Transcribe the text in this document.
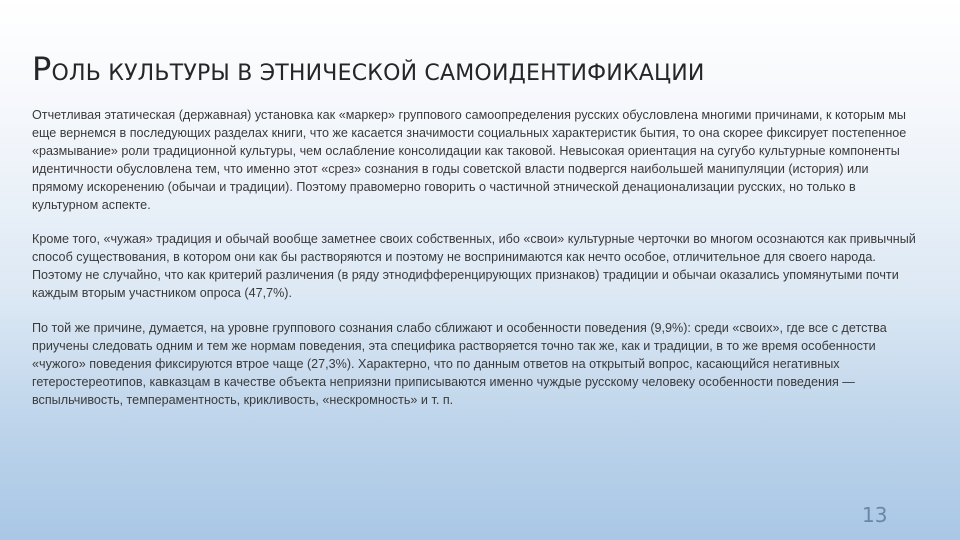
РОЛЬ КУЛЬТУРЫ В ЭТНИЧЕСКОЙ САМОИДЕНТИФИКАЦИИ

Отчетливая этатическая (державная) установка как «маркер» группового самоопределения русских обусловлена многими причинами, к которым мы еще вернемся в последующих разделах книги, что же касается значимости социальных характеристик бытия, то она скорее фиксирует постепенное «размывание» роли традиционной культуры, чем ослабление консолидации как таковой. Невысокая ориентация на сугубо культурные компоненты идентичности обусловлена тем, что именно этот «срез» сознания в годы советской власти подвергся наибольшей манипуляции (история) или прямому искоренению (обычаи и традиции). Поэтому правомерно говорить о частичной этнической денационализации русских, но только в культурном аспекте.

Кроме того, «чужая» традиция и обычай вообще заметнее своих собственных, ибо «свои» культурные черточки во многом осознаются как привычный способ существования, в котором они как бы растворяются и поэтому не воспринимаются как нечто особое, отличительное для своего народа. Поэтому не случайно, что как критерий различения (в ряду этнодифференцирующих признаков) традиции и обычаи оказались упомянутыми почти каждым вторым участником опроса (47,7%).

По той же причине, думается, на уровне группового сознания слабо сближают и особенности поведения (9,9%): среди «своих», где все с детства приучены следовать одним и тем же нормам поведения, эта специфика растворяется точно так же, как и традиции, в то же время особенности «чужого» поведения фиксируются втрое чаще (27,3%). Характерно, что по данным ответов на открытый вопрос, касающийся негативных гетеростереотипов, кавказцам в качестве объекта неприязни приписываются именно чуждые русскому человеку особенности поведения — вспыльчивость, темпераментность, крикливость, «нескромность» и т. п.

13
